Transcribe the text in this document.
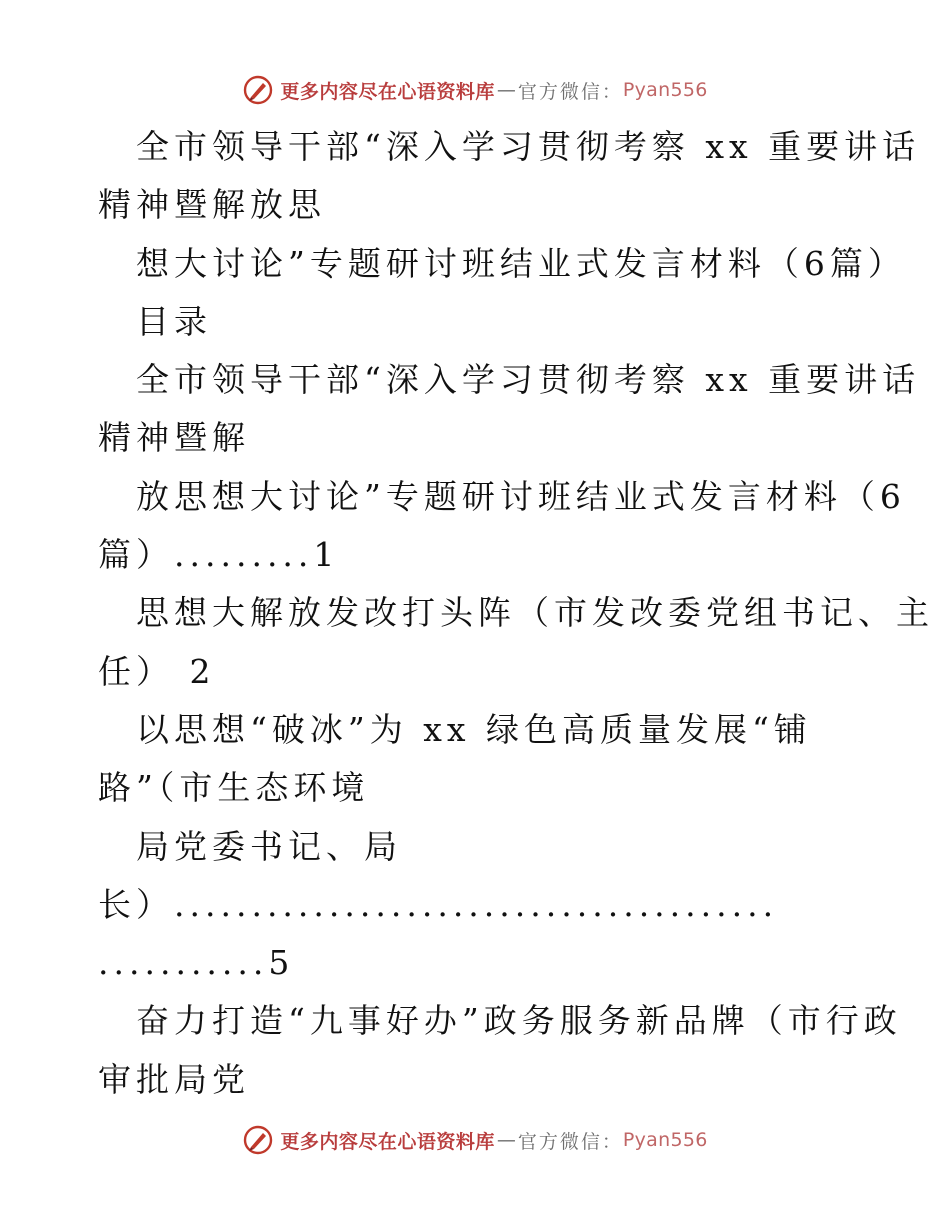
更多内容尽在心语资料库 — 官方微信： Pyan556
全市领导干部“深入学习贯彻考察 xx 重要讲话
精神暨解放思
想大讨论”专题研讨班结业式发言材料（6篇）
目录
全市领导干部“深入学习贯彻考察 xx 重要讲话
精神暨解
放思想大讨论”专题研讨班结业式发言材料（6
篇）.........1
思想大解放发改打头阵（市发改委党组书记、主
任） 2
以思想“破冰”为 xx 绿色高质量发展“铺
路”（市生态环境
局党委书记、局
长）.......................................
...........5
奋力打造“九事好办”政务服务新品牌（市行政
审批局党
更多内容尽在心语资料库 — 官方微信： Pyan556
